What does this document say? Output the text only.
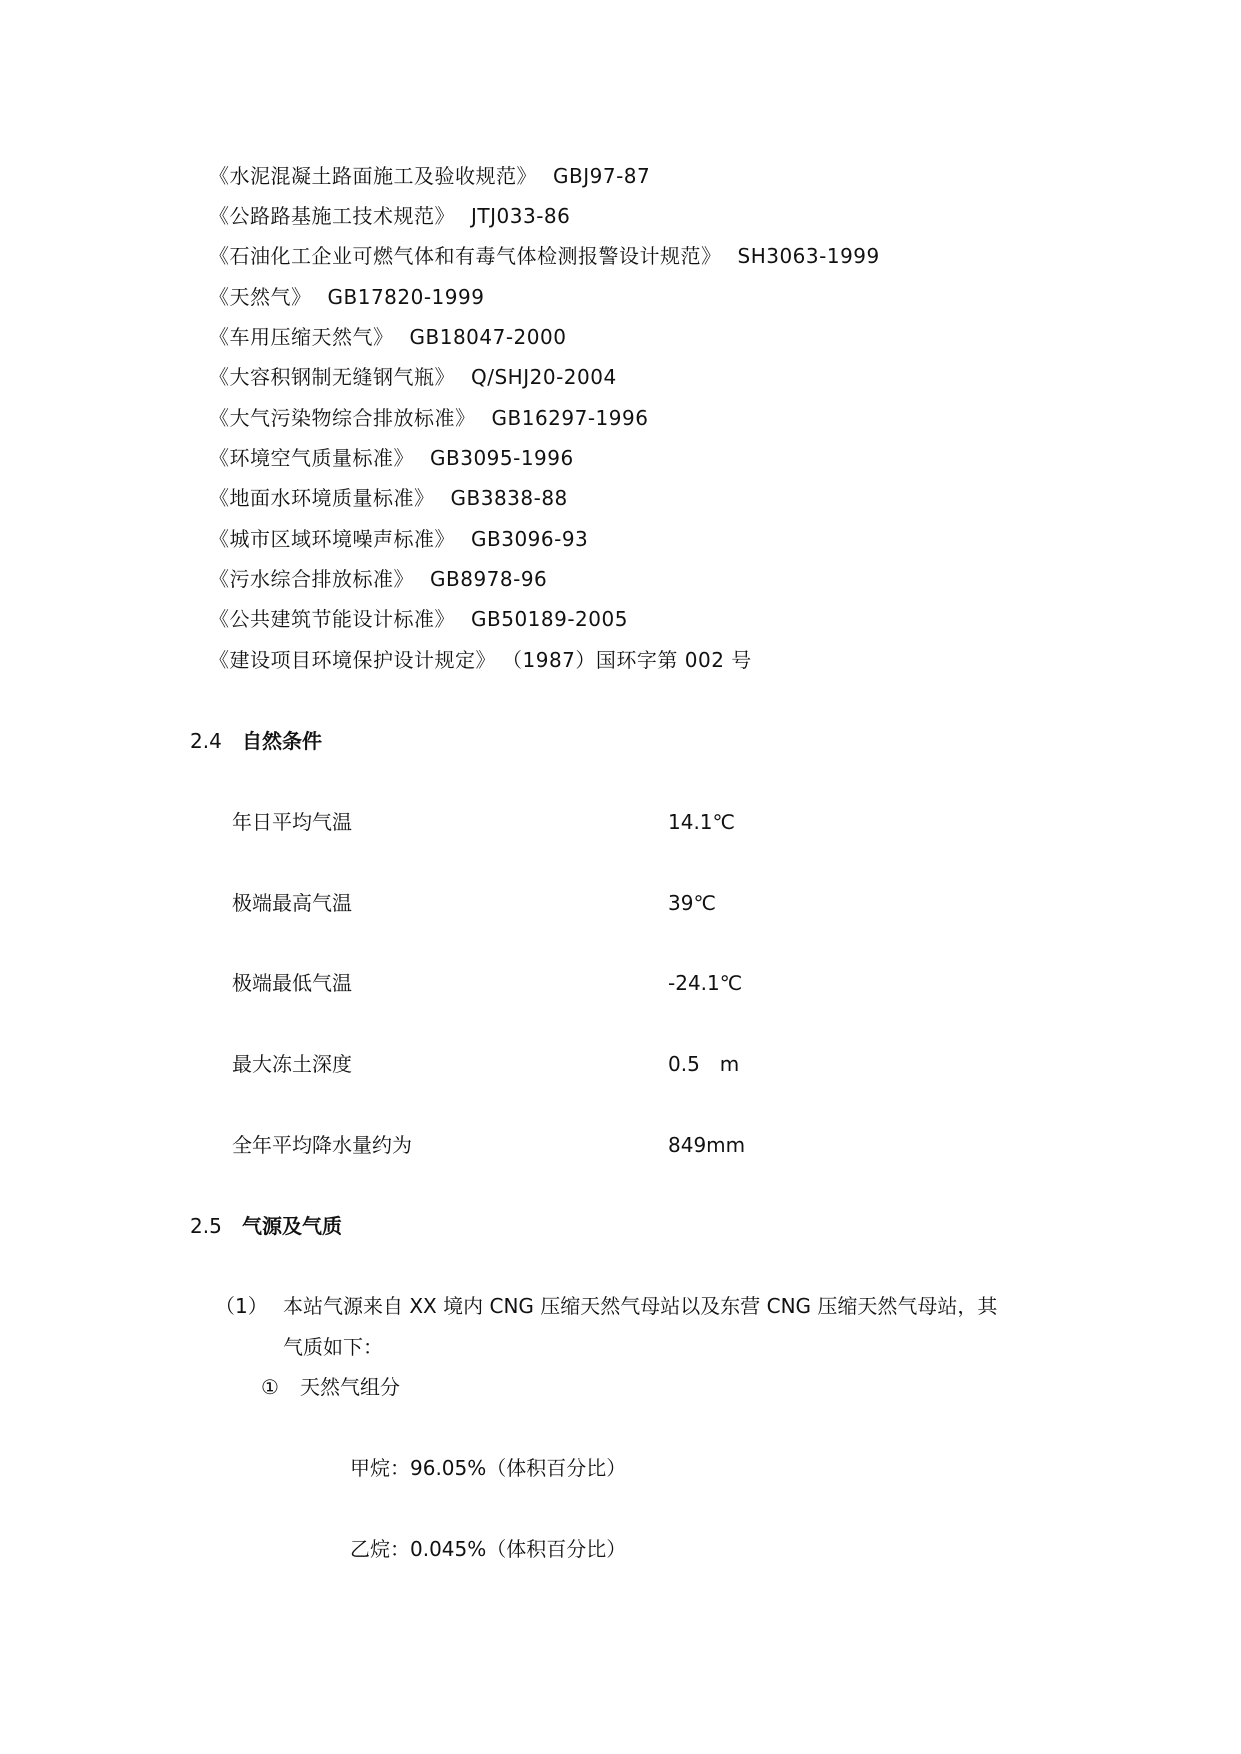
《水泥混凝土路面施工及验收规范》 GBJ97-87
《公路路基施工技术规范》 JTJ033-86
《石油化工企业可燃气体和有毒气体检测报警设计规范》 SH3063-1999
《天然气》 GB17820-1999
《车用压缩天然气》 GB18047-2000
《大容积钢制无缝钢气瓶》 Q/SHJ20-2004
《大气污染物综合排放标准》 GB16297-1996
《环境空气质量标准》 GB3095-1996
《地面水环境质量标准》 GB3838-88
《城市区域环境噪声标准》 GB3096-93
《污水综合排放标准》 GB8978-96
《公共建筑节能设计标准》 GB50189-2005
《建设项目环境保护设计规定》 （1987）国环字第 002 号
2.4 自然条件
年日平均气温	14.1℃
极端最高气温	39℃
极端最低气温	-24.1℃
最大冻土深度	0.5　m
全年平均降水量约为	849mm
2.5 气源及气质
（1） 本站气源来自 XX 境内 CNG 压缩天然气母站以及东营 CNG 压缩天然气母站，其
气质如下：
① 天然气组分
甲烷：96.05%（体积百分比）
乙烷：0.045%（体积百分比）
